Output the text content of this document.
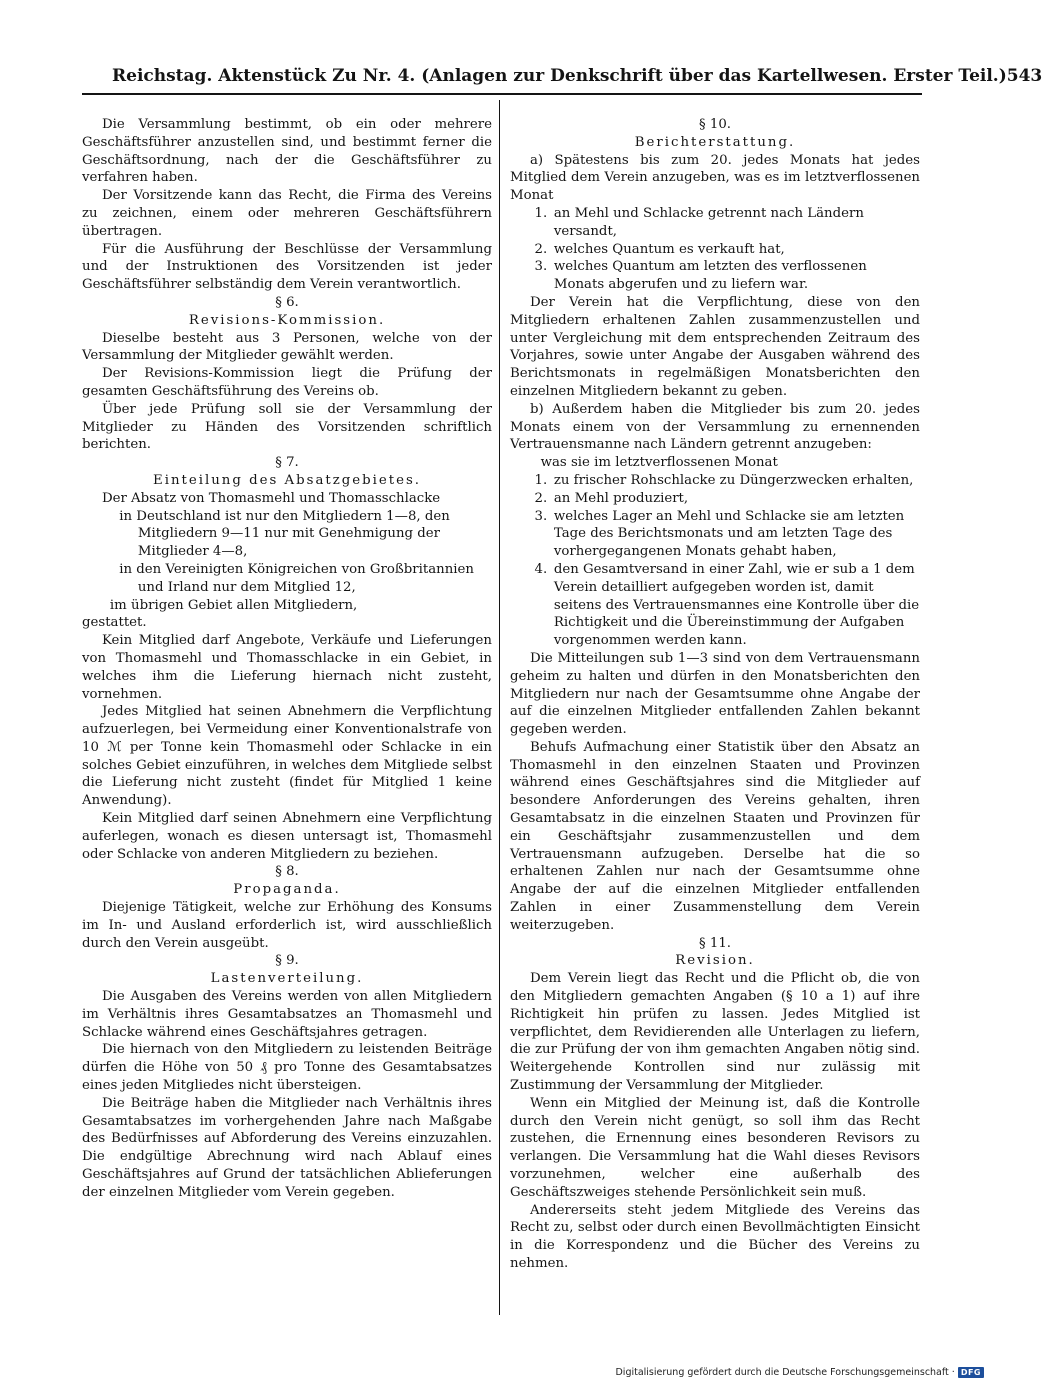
Reichstag. Aktenstück Zu Nr. 4. (Anlagen zur Denkschrift über das Kartellwesen. Erster Teil.) 543

Die Versammlung bestimmt, ob ein oder mehrere Geschäftsführer anzustellen sind, und bestimmt ferner die Geschäftsordnung, nach der die Geschäftsführer zu verfahren haben.

Der Vorsitzende kann das Recht, die Firma des Vereins zu zeichnen, einem oder mehreren Geschäftsführern übertragen.

Für die Ausführung der Beschlüsse der Versammlung und der Instruktionen des Vorsitzenden ist jeder Geschäftsführer selbständig dem Verein verantwortlich.

§ 6.

Revisions-Kommission.

Dieselbe besteht aus 3 Personen, welche von der Versammlung der Mitglieder gewählt werden.

Der Revisions-Kommission liegt die Prüfung der gesamten Geschäftsführung des Vereins ob.

Über jede Prüfung soll sie der Versammlung der Mitglieder zu Händen des Vorsitzenden schriftlich berichten.

§ 7.

Einteilung des Absatzgebietes.

Der Absatz von Thomasmehl und Thomasschlacke

in Deutschland ist nur den Mitgliedern 1—8, den

Mitgliedern 9—11 nur mit Genehmigung der Mitglieder 4—8,

in den Vereinigten Königreichen von Großbritannien

und Irland nur dem Mitglied 12,

im übrigen Gebiet allen Mitgliedern,

gestattet.

Kein Mitglied darf Angebote, Verkäufe und Lieferungen von Thomasmehl und Thomasschlacke in ein Gebiet, in welches ihm die Lieferung hiernach nicht zusteht, vornehmen.

Jedes Mitglied hat seinen Abnehmern die Verpflichtung aufzuerlegen, bei Vermeidung einer Konventionalstrafe von 10 ℳ per Tonne kein Thomasmehl oder Schlacke in ein solches Gebiet einzuführen, in welches dem Mitgliede selbst die Lieferung nicht zusteht (findet für Mitglied 1 keine Anwendung).

Kein Mitglied darf seinen Abnehmern eine Verpflichtung auferlegen, wonach es diesen untersagt ist, Thomasmehl oder Schlacke von anderen Mitgliedern zu beziehen.

§ 8.

Propaganda.

Diejenige Tätigkeit, welche zur Erhöhung des Konsums im In- und Ausland erforderlich ist, wird ausschließlich durch den Verein ausgeübt.

§ 9.

Lastenverteilung.

Die Ausgaben des Vereins werden von allen Mitgliedern im Verhältnis ihres Gesamtabsatzes an Thomasmehl und Schlacke während eines Geschäftsjahres getragen.

Die hiernach von den Mitgliedern zu leistenden Beiträge dürfen die Höhe von 50 ₰ pro Tonne des Gesamtabsatzes eines jeden Mitgliedes nicht übersteigen.

Die Beiträge haben die Mitglieder nach Verhältnis ihres Gesamtabsatzes im vorhergehenden Jahre nach Maßgabe des Bedürfnisses auf Abforderung des Vereins einzuzahlen. Die endgültige Abrechnung wird nach Ablauf eines Geschäftsjahres auf Grund der tatsächlichen Ablieferungen der einzelnen Mitglieder vom Verein gegeben.

§ 10.

Berichterstattung.

a) Spätestens bis zum 20. jedes Monats hat jedes Mitglied dem Verein anzugeben, was es im letztverflossenen Monat

1. an Mehl und Schlacke getrennt nach Ländern versandt,
2. welches Quantum es verkauft hat,
3. welches Quantum am letzten des verflossenen Monats abgerufen und zu liefern war.

Der Verein hat die Verpflichtung, diese von den Mitgliedern erhaltenen Zahlen zusammenzustellen und unter Vergleichung mit dem entsprechenden Zeitraum des Vorjahres, sowie unter Angabe der Ausgaben während des Berichtsmonats in regelmäßigen Monatsberichten den einzelnen Mitgliedern bekannt zu geben.

b) Außerdem haben die Mitglieder bis zum 20. jedes Monats einem von der Versammlung zu ernennenden Vertrauensmanne nach Ländern getrennt anzugeben:

was sie im letztverflossenen Monat

1. zu frischer Rohschlacke zu Düngerzwecken erhalten,
2. an Mehl produziert,
3. welches Lager an Mehl und Schlacke sie am letzten Tage des Berichtsmonats und am letzten Tage des vorhergegangenen Monats gehabt haben,
4. den Gesamtversand in einer Zahl, wie er sub a 1 dem Verein detailliert aufgegeben worden ist, damit seitens des Vertrauensmannes eine Kontrolle über die Richtigkeit und die Übereinstimmung der Aufgaben vorgenommen werden kann.

Die Mitteilungen sub 1—3 sind von dem Vertrauensmann geheim zu halten und dürfen in den Monatsberichten den Mitgliedern nur nach der Gesamtsumme ohne Angabe der auf die einzelnen Mitglieder entfallenden Zahlen bekannt gegeben werden.

Behufs Aufmachung einer Statistik über den Absatz an Thomasmehl in den einzelnen Staaten und Provinzen während eines Geschäftsjahres sind die Mitglieder auf besondere Anforderungen des Vereins gehalten, ihren Gesamtabsatz in die einzelnen Staaten und Provinzen für ein Geschäftsjahr zusammenzustellen und dem Vertrauensmann aufzugeben. Derselbe hat die so erhaltenen Zahlen nur nach der Gesamtsumme ohne Angabe der auf die einzelnen Mitglieder entfallenden Zahlen in einer Zusammenstellung dem Verein weiterzugeben.

§ 11.

Revision.

Dem Verein liegt das Recht und die Pflicht ob, die von den Mitgliedern gemachten Angaben (§ 10 a 1) auf ihre Richtigkeit hin prüfen zu lassen. Jedes Mitglied ist verpflichtet, dem Revidierenden alle Unterlagen zu liefern, die zur Prüfung der von ihm gemachten Angaben nötig sind. Weitergehende Kontrollen sind nur zulässig mit Zustimmung der Versammlung der Mitglieder.

Wenn ein Mitglied der Meinung ist, daß die Kontrolle durch den Verein nicht genügt, so soll ihm das Recht zustehen, die Ernennung eines besonderen Revisors zu verlangen. Die Versammlung hat die Wahl dieses Revisors vorzunehmen, welcher eine außerhalb des Geschäftszweiges stehende Persönlichkeit sein muß.

Andererseits steht jedem Mitgliede des Vereins das Recht zu, selbst oder durch einen Bevollmächtigten Einsicht in die Korrespondenz und die Bücher des Vereins zu nehmen.

Digitalisierung gefördert durch die Deutsche Forschungsgemeinschaft · DFG
